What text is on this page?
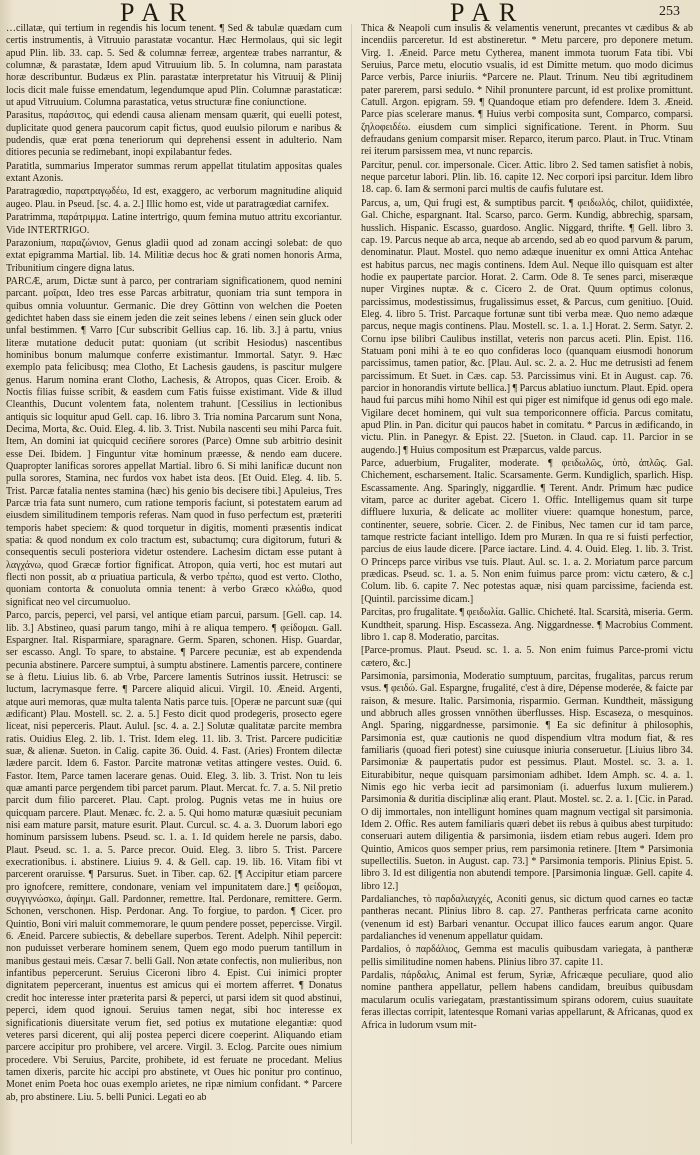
PAR	PAR	253

…cillatæ, qui tertium in regendis his locum tenent. ¶ Sed & tabulæ quædam cum certis instrumentis, à Vitruuio parastatæ vocantur. Hæc Hermolaus, qui sic legit apud Plin. lib. 33. cap. 5. Sed & columnæ ferreæ, argenteæ trabes narrantur, & columnæ, & parastatæ, Idem apud Vitruuium lib. 5. In columna, nam parastata horæ describuntur. Budæus ex Plin. parastatæ interpretatur his Vitruuij & Plinij locis dicit male fuisse emendatum, legendumque apud Plin. Columnæ parastaticæ: ut apud Vitruuium. Columna parastatica, vetus structuræ fine coniunctione.

Parasitus, παράσιτος, qui edendi causa alienam mensam quærit, qui euelli potest, duplicitate quod genera paucorum capit fictus, quod euulsio pilorum e naribus & pudendis, quæ erat pœna teneriorum qui deprehensi essent in adulterio. Nam ditiores pecunia se redimebant, inopi expilabantur fedes.

Paratitla, summarius Imperator summas rerum appellat titulatim appositas quales extant Azonis.

Paratragœdio, παρατραγῳδέω, Id est, exaggero, ac verborum magnitudine aliquid augeo. Plau. in Pseud. [sc. 4. a. 2.] Illic homo est, vide ut paratragœdiat carnifex.

Paratrimma, παράτριμμα. Latine intertrigo, quum femina mutuo attritu excoriantur. Vide INTERTRIGO.

Parazonium, παραζώνιον, Genus gladii quod ad zonam accingi solebat: de quo extat epigramma Martial. lib. 14. Militiæ decus hoc & grati nomen honoris Arma, Tribunitium cingere digna latus.

PARCÆ, arum, Dictæ sunt à parco, per contrariam significationem, quod nemini parcant. μοῖραι, Ideo tres esse Parcas arbitratur, quoniam tria sunt tempora in quibus omnia voluuntur. Germanic. Die drey Göttinn von welchen die Poeten gedichtet haben dass sie einem jeden die zeit seines lebens / einen sein gluck oder unfal bestimmen. ¶ Varro [Cur subscribit Gellius cap. 16. lib. 3.] à partu, vnius literæ mutatione deducit putat: quoniam (ut scribit Hesiodus) nascentibus hominibus bonum malumque conferre existimantur. Immortal. Satyr. 9. Hæc exemplo pata felicibusq; mea Clotho, Et Lachesis gaudens, is pascitur mulgere genus. Harum nomina erant Clotho, Lachesis, & Atropos, quas Cicer. Eroib. & Noctis filias fuisse scribit, & easdem cum Fatis fuisse existimant. Vide & illud Cleanthis, Ducunt volentem fata, nolentem trahunt. [Cessilius in lectionibus antiquis sic loquitur apud Gell. cap. 16. libro 3. Tria nomina Parcarum sunt Nona, Decima, Morta, &c. Ouid. Eleg. 4. lib. 3. Trist. Nubila nascenti seu mihi Parca fuit. Item, An domini iat quicquid ceciñere sorores (Parce) Omne sub arbitrio desinit esse Dei. Ibidem. ] Finguntur vitæ hominum præesse, & nendo eam ducere. Quapropter lanificas sorores appellat Martial. libro 6. Si mihi lanificæ ducunt non pulla sorores, Stamina, nec furdos vox habet ista deos. [Et Ouid. Eleg. 4. lib. 5. Trist. Parcæ fatalia nentes stamina (hæc) his genio bis decisere tibi.] Apuleius, Tres Parcæ tria fata sunt numero, cum ratione temporis faciunt, si potestatem earum ad eiusdem similitudinem temporis referas. Nam quod in fuso perfectum est, præteriti temporis habet speciem: & quod torquetur in digitis, momenti præsentis indicat spatia: & quod nondum ex colo tractum est, subactumq; cura digitorum, futuri & consequentis seculi posteriora videtur ostendere. Lachesim dictam esse putant à λαγχάνω, quod Græcæ fortior fignificat. Atropon, quia verti, hoc est mutari aut flecti non possit, ab α priuatiua particula, & verbo τρέπω, quod est verto. Clotho, quoniam contorta & conuoluta omnia tenent: à verbo Græco κλώθω, quod significat neo vel circumuoluo.

Parco, parcis, peperci, vel parsi, vel antique etiam parcui, parsum. [Gell. cap. 14. lib. 3.] Abstineo, quasi parum tango, mihi à re aliqua tempero. ¶ φείδομαι. Gall. Espargner. Ital. Risparmiare, sparagnare. Germ. Sparen, schonen. Hisp. Guardar, ser escasso. Angl. To spare, to abstaine. ¶ Parcere pecuniæ, est ab expendenda pecunia abstinere. Parcere sumptui, à sumptu abstinere. Lamentis parcere, continere se à fletu. Liuius lib. 6. ab Vrbe, Parcere lamentis Sutrinos iussit. Hetrusci: se luctum, lacrymasque ferre. ¶ Parcere aliquid alicui. Virgil. 10. Æneid. Argenti, atque auri memoras, quæ multa talenta Natis parce tuis. [Operæ ne parcunt suæ (qui ædificant) Plau. Mostell. sc. 2. a. 5.] Festo dicit quod prodegeris, prosecto egere liceat, nisi peperceris. Plaut. Aulul. [sc. 4. a. 2.] Solutæ qualitatæ parcite membra ratis. Ouidius Eleg. 2. lib. 1. Trist. Idem eleg. 11. lib. 3. Trist. Parcere pudicitiæ suæ, & alienæ. Sueton. in Calig. capite 36. Ouid. 4. Fast. (Aries) Frontem dilectæ lædere parcit. Idem 6. Fastor. Parcite matronæ vetitas attingere vestes. Ouid. 6. Fastor. Item, Parce tamen lacerare genas. Ouid. Eleg. 3. lib. 3. Trist. Non tu leis quæ amanti parce pergendem tibi parcet parum. Plaut. Mercat. fc. 7. a. 5. Nil pretio parcit dum filio parceret. Plau. Capt. prolog. Pugnis vetas me in huius ore quicquam parcere. Plaut. Menæc. fc. 2. a. 5. Qui homo maturæ quæsiuit pecuniam nisi eam mature parsit, mature esurit. Plaut. Curcul. sc. 4. a. 3. Duorum labori ego hominum parsissem lubens. Pseud. sc. 1. a. 1. Id quidem herele ne parsis, dabo. Plaut. Pseud. sc. 1. a. 5. Parce precor. Ouid. Eleg. 3. libro 5. Trist. Parcere execrationibus. i. abstinere. Liuius 9. 4. & Gell. cap. 19. lib. 16. Vitam fibi vt parcerent oraruisse. ¶ Parsurus. Suet. in Tiber. cap. 62. [¶ Accipitur etiam parcere pro ignofcere, remittere, condonare, veniam vel impunitatem dare.] ¶ φείδομαι, συγγιγνώσκω, ἀφίημι. Gall. Pardonner, remettre. Ital. Perdonare, remittere. Germ. Schonen, verschonen. Hisp. Perdonar. Ang. To forgiue, to pardon. ¶ Cicer. pro Quintio, Boni viri maluit commemorare, le quum pendere posset, pepercisse. Virgil. 6. Æneid. Parcere subiectis, & debellare superbos. Terent. Adelph. Nihil pepercit: non puduisset verberare hominem senem, Quem ego modo puerum tantillum in manibus gestaui meis. Cæsar 7. belli Gall. Non ætate confectis, non mulieribus, non infantibus pepercerunt. Seruius Ciceroni libro 4. Epist. Cui inimici propter dignitatem pepercerant, inuentus est amicus qui ei mortem afferret. ¶ Donatus credit hoc interesse inter præterita parsi & peperci, ut parsi idem sit quod abstinui, peperci, idem quod ignoui. Seruius tamen negat, sibi hoc interesse ex significationis diuersitate verum fiet, sed potius ex mutatione elegantiæ: quod veteres parsi dicerent, qui alij postea peperci dicere coeperint. Aliquando etiam parcere accipitur pro prohibere, vel arcere. Virgil. 3. Eclog. Parcite oues nimium procedere. Vbi Seruius, Parcite, prohibete, id est feruate ne procedant. Melius tamen dixeris, parcite hic accipi pro abstinete, vt Oues hic ponitur pro continuo, Monet enim Poeta hoc ouas exemplo arietes, ne ripæ nimium confidant. * Parcere ab, pro abstinere. Liu. 5. belli Punici. Legati eo ab

Thica & Neapoli cum insulis & velamentis venerunt, precantes vt cædibus & ab incendiis parceretur. Id est abstineretur. * Metu parcere, pro deponere metum. Virg. 1. Æneid. Parce metu Cytherea, manent immota tuorum Fata tibi. Vbi Seruius, Parce metu, elocutio vsualis, id est Dimitte metum. quo modo dicimus Parce verbis, Parce iniuriis. *Parcere ne. Plaut. Trinum. Neu tibi ægritudinem pater parerem, parsi sedulo. * Nihil pronuntere parcunt, id est prolixe promittunt. Catull. Argon. epigram. 59. ¶ Quandoque etiam pro defendere. Idem 3. Æneid. Parce pias scelerare manus. ¶ Huius verbi composita sunt, Comparco, comparsi. ζηλοφειδέω. eiusdem cum simplici significatione. Terent. in Phorm. Suu defraudans genium comparsit miser. Reparco, iterum parco. Plaut. in Truc. Vtinam rei iterum parsissem mea, vt nunc reparcis.

Parcitur, penul. cor. impersonale. Cicer. Attic. libro 2. Sed tamen satisfiet à nobis, neque parcetur labori. Plin. lib. 16. capite 12. Nec corpori ipsi parcitur. Idem libro 18. cap. 6. Iam & sermoni parci multis de caufis fulutare est.

Parcus, a, um, Qui frugi est, & sumptibus parcit. ¶ φειδωλός, chilot, quiidixtée, Gal. Chiche, espargnant. Ital. Scarso, parco. Germ. Kundig, abbrechig, sparsam, husslich. Hispanic. Escasso, guardoso. Anglic. Niggard, thrifte. ¶ Gell. libro 3. cap. 19. Parcus neque ab arca, neque ab arcendo, sed ab eo quod parvum & parum, denominatur. Plaut. Mostel. quo nemo adæque inuenitur ex omni Attica Antehac est habitus parcus, nec magis continens. Idem Aul. Neque illo quisquam est alter hodie ex paupertate parcior. Horat. 2. Carm. Ode 8. Te senes parci, miseræque nuper Virgines nuptæ. & c. Cicero 2. de Orat. Quum optimus colonus, parcissimus, modestissimus, frugalissimus esset, & Parcus, cum genitiuo. [Ouid. Eleg. 4. libro 5. Trist. Parcaque fortunæ sunt tibi verba meæ. Quo nemo adæque parcus, neque magis continens. Plau. Mostell. sc. 1. a. 1.] Horat. 2. Serm. Satyr. 2. Cornu ipse bilibri Caulibus instillat, veteris non parcus aceti. Plin. Epist. 116. Statuam poni mihi à te eo quo confideras loco (quanquam eiusmodi honorum parcissimus, tamen patior, &c. [Plau. Aul. sc. 2. a. 2. Huc me detrusisti ad fenem parcissimum. Et Suet. in Cæs. cap. 53. Parcissimus vini. Et in August. cap. 76. parcior in honorandis virtute bellica.] ¶ Parcus ablatiuo iunctum. Plaut. Epid. opera haud fui parcus mihi homo Nihil est qui piger est nimifque id genus odi ego male. Vigilare decet hominem, qui vult sua temporiconnere officia. Parcus comitatu, apud Plin. in Pan. dicitur qui paucos habet in comitatu. * Parcus in ædificando, in victu. Plin. in Panegyr. & Epist. 22. [Sueton. in Claud. cap. 11. Parcior in se augendo.] ¶ Huius compositum est Præparcus, valde parcus.

Parce, aduerbium, Frugaliter, moderate. ¶ φειδωλῶς, ὑπὸ, ἁπλῶς. Gal. Chichement, escharsement. Italic. Scarsamente. Germ. Kundiglich, sparlich. Hisp. Escassamente. Ang. Sparingly, niggardlie. ¶ Terent. Andr. Primum hæc pudice vitam, parce ac duriter agebat. Cicero 1. Offic. Intelligemus quam sit turpe diffluere luxuria, & delicate ac molliter viuere: quamque honestum, parce, continenter, seuere, sobrie. Cicer. 2. de Finibus, Nec tamen cur id tam parce, tamque restricte faciant intelligo. Idem pro Muræn. In qua re si fuisti perfectior, parcius de eius laude dicere. [Parce iactare. Lind. 4. 4. Ouid. Eleg. 1. lib. 3. Trist. O Princeps parce viribus vse tuis. Plaut. Aul. sc. 1. a. 2. Moriatum parce parcum prædicas. Pseud. sc. 1. a. 5. Non enim fuimus parce prom: victu cætero, & c.] Colum. lib. 6. capite 7. Nec potestas aquæ, nisi quam parcissime, facienda est. [Quintil. parcissime dicam.]

Parcitas, pro frugalitate. ¶ φειδωλία. Gallic. Chicheté. Ital. Scarsità, miseria. Germ. Kundtheit, sparung. Hisp. Escasseza. Ang. Niggardnesse. ¶ Macrobius Comment. libro 1. cap 8. Moderatio, parcitas.

[Parce-promus. Plaut. Pseud. sc. 1. a. 5. Non enim fuimus Parce-promi victu cætero, &c.]

Parsimonia, parsimonia, Moderatio sumptuum, parcitas, frugalitas, parcus rerum vsus. ¶ φειδώ. Gal. Espargne, frugalité, c'est à dire, Dépense moderée, & faicte par raison, & mesure. Italic. Parsimonia, risparmio. German. Kundtheit, mässigung und abbruch alles grossen vnnöthen überflusses. Hisp. Escaseza, o mesquinos. Angl. Sparing, niggardnesse, parsimonie. ¶ Ea sic definitur à philosophis, Parsimonia est, quæ cautionis ne quod dispendium vltra modum fiat, & res familiaris (quoad fieri potest) sine cuiusque iniuria conseruetur. [Liuius libro 34. Parsimoniæ & paupertatis pudor est pessimus. Plaut. Mostel. sc. 3. a. 1. Eiturabibitur, neque quisquam parsimoniam adhibet. Idem Amph. sc. 4. a. 1. Nimis ego hic verba iecit ad parsimoniam (i. aduerfus luxum mulierem.) Parsimonia & duritia disciplinæ aliq erant. Plaut. Mostel. sc. 2. a. 1. [Cic. in Parad. O dij immortales, non intelligunt homines quam magnum vectigal sit parsimonia. Idem 2. Offic. Res autem familiaris quæri debet iis rebus à quibus abest turpitudo: conseruari autem diligentia & parsimonia, iisdem etiam rebus augeri. Idem pro Quintio, Amicos quos semper prius, rem parsimonia retinere. [Item * Parsimonia supellectilis. Sueton. in August. cap. 73.] * Parsimonia temporis. Plinius Epist. 5. libro 3. Id est diligentia non abutendi tempore. [Parsimonia linguæ. Gell. capite 4. libro 12.]

Pardalianches, τὸ παρδαλιαγχές, Aconiti genus, sic dictum quod carnes eo tactæ pantheras necant. Plinius libro 8. cap. 27. Pantheras perfricata carne aconito (venenum id est) Barbari venantur. Occupat illico fauces earum angor. Quare pardalianches id venenum appellatur quidam.

Pardalios, ὁ παρδάλιος, Gemma est maculis quibusdam variegata, à pantheræ pellis similitudine nomen habens. Plinius libro 37. capite 11.

Pardalis, πάρδαλις, Animal est ferum, Syriæ, Africæque peculiare, quod alio nomine panthera appellatur, pellem habens candidam, breuibus quibusdam macularum oculis variegatam, præstantissimum spirans odorem, cuius suauitate feras illectas corripit, latentesque Romani varias appellarunt, & Africanas, quod ex Africa in ludorum vsum mit-
